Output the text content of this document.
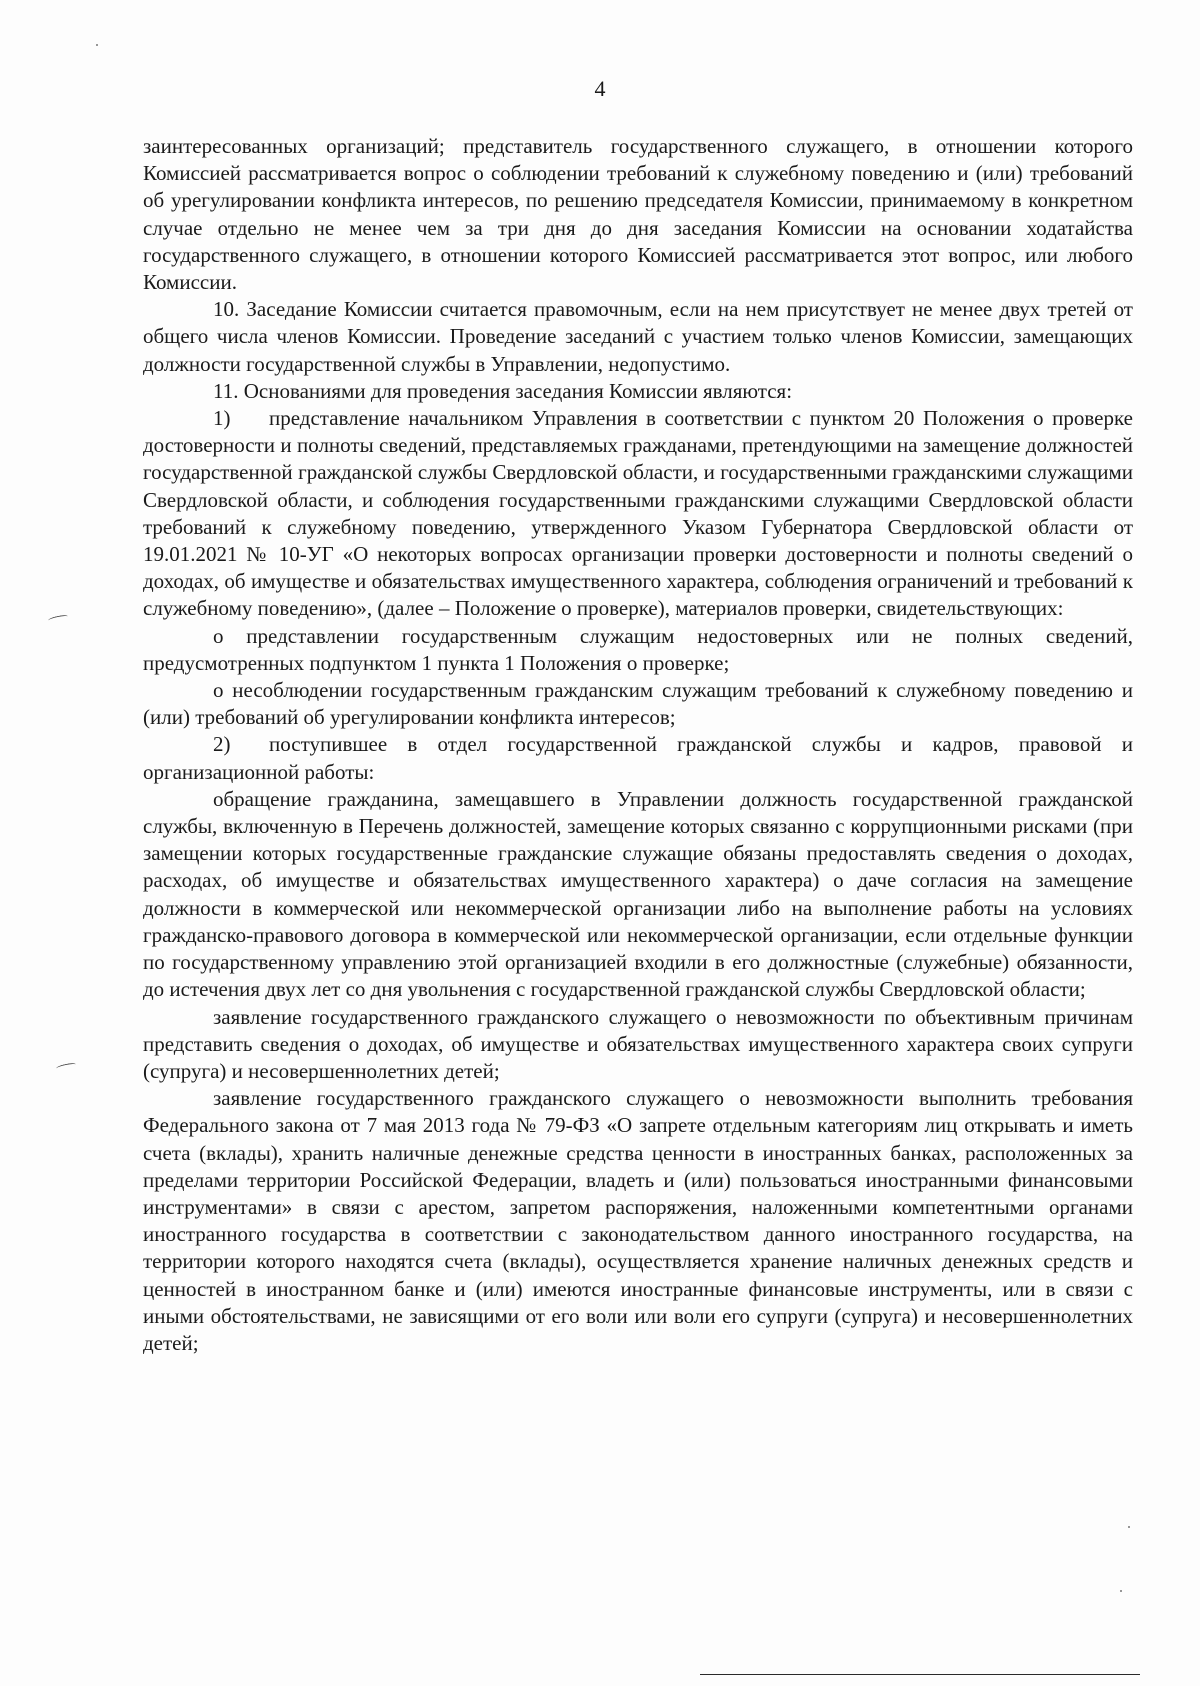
4

заинтересованных организаций; представитель государственного служащего, в отношении которого Комиссией рассматривается вопрос о соблюдении требований к служебному поведению и (или) требований об урегулировании конфликта интересов, по решению председателя Комиссии, принимаемому в конкретном случае отдельно не менее чем за три дня до дня заседания Комиссии на основании ходатайства государственного служащего, в отношении которого Комиссией рассматривается этот вопрос, или любого Комиссии.

10. Заседание Комиссии считается правомочным, если на нем присутствует не менее двух третей от общего числа членов Комиссии. Проведение заседаний с участием только членов Комиссии, замещающих должности государственной службы в Управлении, недопустимо.

11. Основаниями для проведения заседания Комиссии являются:

1) представление начальником Управления в соответствии с пунктом 20 Положения о проверке достоверности и полноты сведений, представляемых гражданами, претендующими на замещение должностей государственной гражданской службы Свердловской области, и государственными гражданскими служащими Свердловской области, и соблюдения государственными гражданскими служащими Свердловской области требований к служебному поведению, утвержденного Указом Губернатора Свердловской области от 19.01.2021 № 10-УГ «О некоторых вопросах организации проверки достоверности и полноты сведений о доходах, об имуществе и обязательствах имущественного характера, соблюдения ограничений и требований к служебному поведению», (далее – Положение о проверке), материалов проверки, свидетельствующих:

о представлении государственным служащим недостоверных или не полных сведений, предусмотренных подпунктом 1 пункта 1 Положения о проверке;

о несоблюдении государственным гражданским служащим требований к служебному поведению и (или) требований об урегулировании конфликта интересов;

2) поступившее в отдел государственной гражданской службы и кадров, правовой и организационной работы:

обращение гражданина, замещавшего в Управлении должность государственной гражданской службы, включенную в Перечень должностей, замещение которых связанно с коррупционными рисками (при замещении которых государственные гражданские служащие обязаны предоставлять сведения о доходах, расходах, об имуществе и обязательствах имущественного характера) о даче согласия на замещение должности в коммерческой или некоммерческой организации либо на выполнение работы на условиях гражданско-правового договора в коммерческой или некоммерческой организации, если отдельные функции по государственному управлению этой организацией входили в его должностные (служебные) обязанности, до истечения двух лет со дня увольнения с государственной гражданской службы Свердловской области;

заявление государственного гражданского служащего о невозможности по объективным причинам представить сведения о доходах, об имуществе и обязательствах имущественного характера своих супруги (супруга) и несовершеннолетних детей;

заявление государственного гражданского служащего о невозможности выполнить требования Федерального закона от 7 мая 2013 года № 79-ФЗ «О запрете отдельным категориям лиц открывать и иметь счета (вклады), хранить наличные денежные средства ценности в иностранных банках, расположенных за пределами территории Российской Федерации, владеть и (или) пользоваться иностранными финансовыми инструментами» в связи с арестом, запретом распоряжения, наложенными компетентными органами иностранного государства в соответствии с законодательством данного иностранного государства, на территории которого находятся счета (вклады), осуществляется хранение наличных денежных средств и ценностей в иностранном банке и (или) имеются иностранные финансовые инструменты, или в связи с иными обстоятельствами, не зависящими от его воли или воли его супруги (супруга) и несовершеннолетних детей;
